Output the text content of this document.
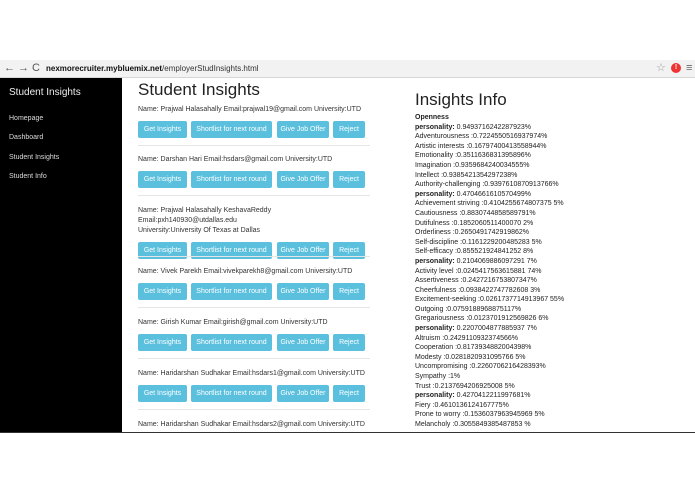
← → C nexmorecruiter.mybluemix.net/employerStudInsights.html	☆	! ≡
Student Insights
Homepage
Dashboard
Student Insights
Student Info
Student Insights
Name: Prajwal Halasahally Email:prajwal19@gmail.com University:UTD
Get Insights	Shortlist for next round	Give Job Offer	Reject
Name: Darshan Hari Email:hsdars@gmail.com University:UTD
Get Insights	Shortlist for next round	Give Job Offer	Reject
Name: Prajwal Halasahally KeshavaReddy Email:pxh140930@utdallas.edu
University:University Of Texas at Dallas
Get Insights	Shortlist for next round	Give Job Offer	Reject
Name: Vivek Parekh Email:vivekparekh8@gmail.com University:UTD
Get Insights	Shortlist for next round	Give Job Offer	Reject
Name: Girish Kumar Email:girish@gmail.com University:UTD
Get Insights	Shortlist for next round	Give Job Offer	Reject
Name: Haridarshan Sudhakar Email:hsdars1@gmail.com University:UTD
Get Insights	Shortlist for next round	Give Job Offer	Reject
Name: Haridarshan Sudhakar Email:hsdars2@gmail.com University:UTD
Insights Info
Openness
personality: 0.9493716242287923%
Adventurousness :0.7224550516937974%
Artistic interests :0.16797400413558944%
Emotionality :0.3511636831395896%
Imagination :0.9359684240034555%
Intellect :0.9385421354297238%
Authority-challenging :0.9397610870913766%
personality: 0.4704661610570499%
Achievement striving :0.4104255674807375 5%
Cautiousness :0.8830744858589791%
Dutifulness :0.1852060511400070 2%
Orderliness :0.2650491742919862%
Self-discipline :0.1161229200485283 5%
Self-efficacy :0.855521924841252 8%
personality: 0.2104069886097291 7%
Activity level :0.0245417563615881 74%
Assertiveness :0.2427216753807347%
Cheerfulness :0.0938422747782608 3%
Excitement-seeking :0.0261737714913967 55%
Outgoing :0.0759188968875117%
Gregariousness :0.0123701912569826 6%
personality: 0.2207004877885937 7%
Altruism :0.2429110932374566%
Cooperation :0.8173934882004398%
Modesty :0.0281820931095766 5%
Uncompromising :0.2260706216428393%
Sympathy :1%
Trust :0.2137694206925008 5%
personality: 0.4270412211997681%
Fiery :0.4610136124167775%
Prone to worry :0.1536037963945969 5%
Melancholy :0.3055849385487853 %
